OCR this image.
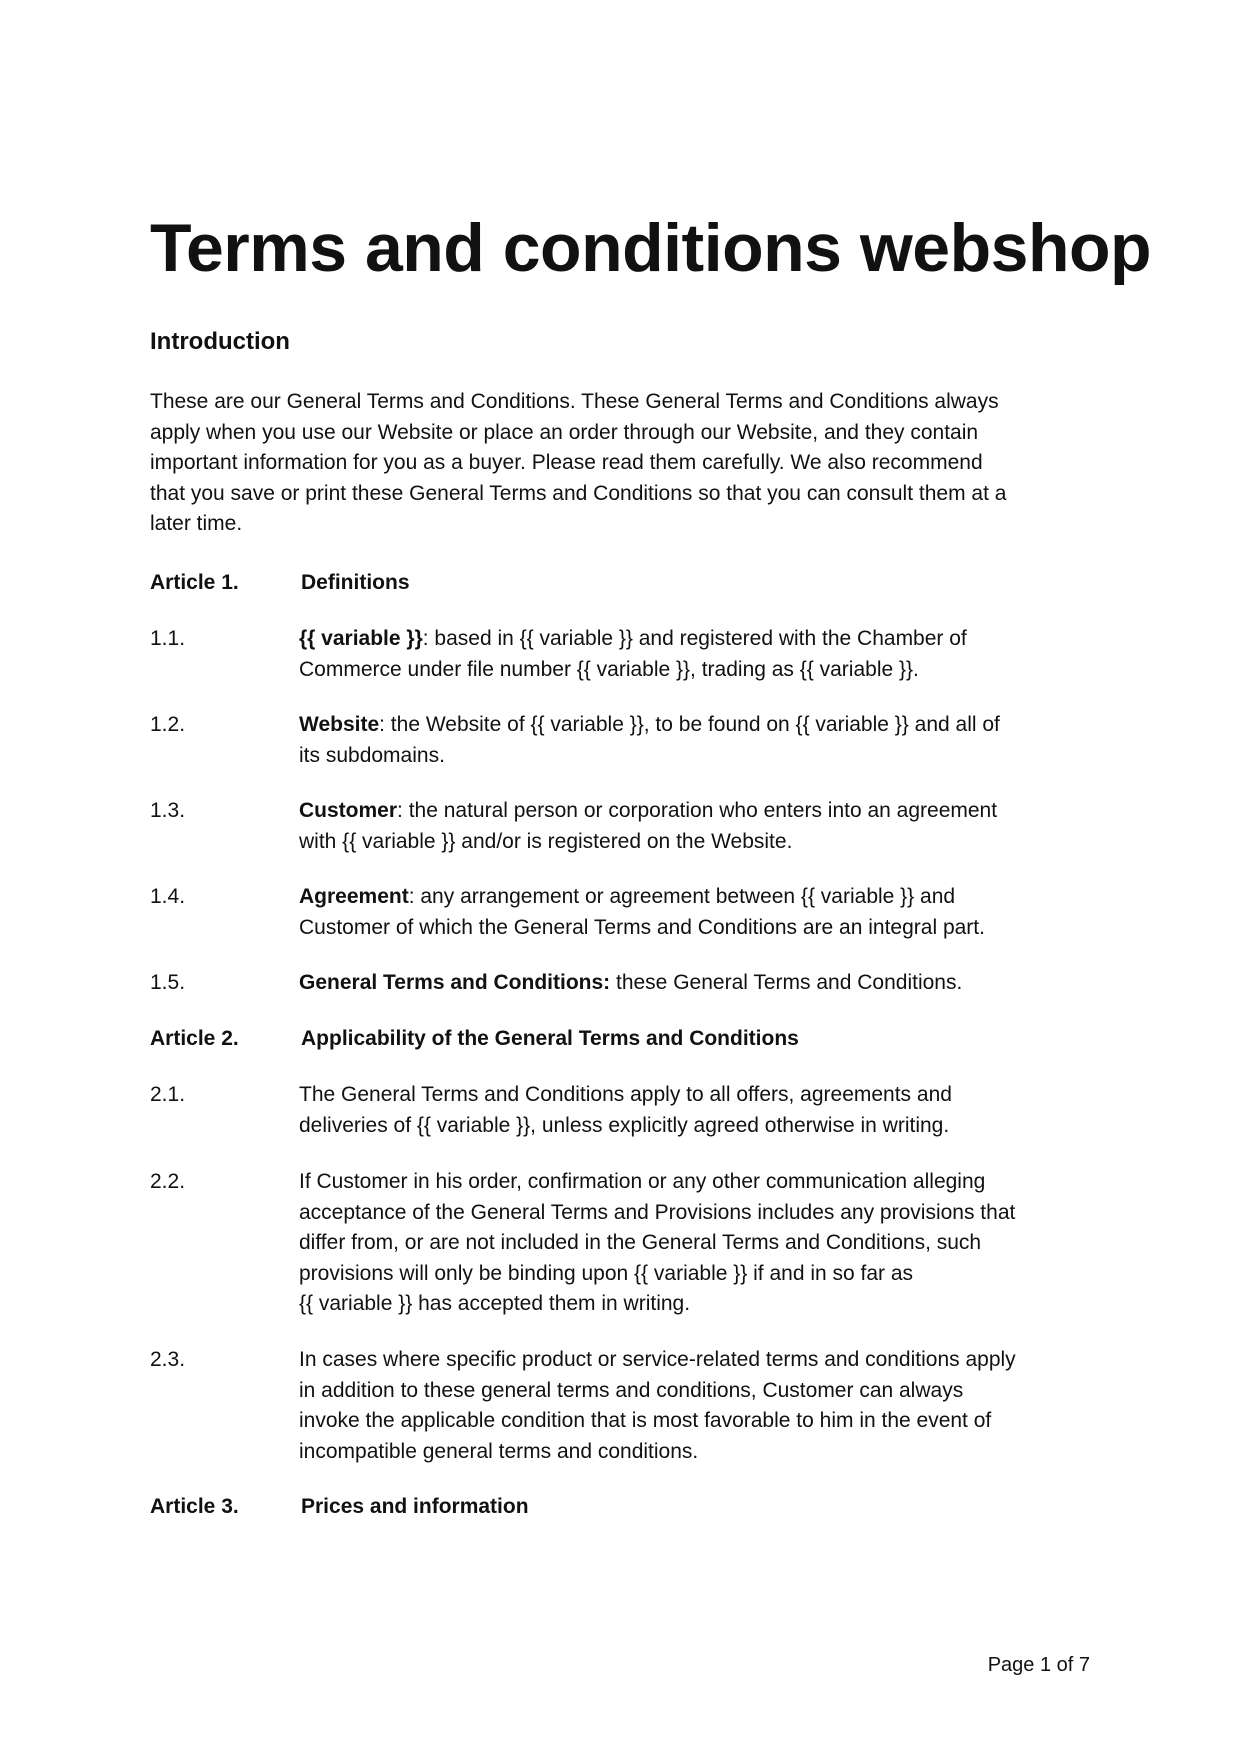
Terms and conditions webshop
Introduction
These are our General Terms and Conditions. These General Terms and Conditions always
apply when you use our Website or place an order through our Website, and they contain
important information for you as a buyer. Please read them carefully. We also recommend
that you save or print these General Terms and Conditions so that you can consult them at a
later time.
Article 1.	Definitions
1.1.	{{ variable }}: based in {{ variable }} and registered with the Chamber of
Commerce under file number {{ variable }}, trading as {{ variable }}.
1.2.	Website: the Website of {{ variable }}, to be found on {{ variable }} and all of
its subdomains.
1.3.	Customer: the natural person or corporation who enters into an agreement
with {{ variable }} and/or is registered on the Website.
1.4.	Agreement: any arrangement or agreement between {{ variable }} and
Customer of which the General Terms and Conditions are an integral part.
1.5.	General Terms and Conditions: these General Terms and Conditions.
Article 2.	Applicability of the General Terms and Conditions
2.1.	The General Terms and Conditions apply to all offers, agreements and
deliveries of {{ variable }}, unless explicitly agreed otherwise in writing.
2.2.	If Customer in his order, confirmation or any other communication alleging
acceptance of the General Terms and Provisions includes any provisions that
differ from, or are not included in the General Terms and Conditions, such
provisions will only be binding upon {{ variable }} if and in so far as
{{ variable }} has accepted them in writing.
2.3.	In cases where specific product or service-related terms and conditions apply
in addition to these general terms and conditions, Customer can always
invoke the applicable condition that is most favorable to him in the event of
incompatible general terms and conditions.
Article 3.	Prices and information
Page 1 of 7
